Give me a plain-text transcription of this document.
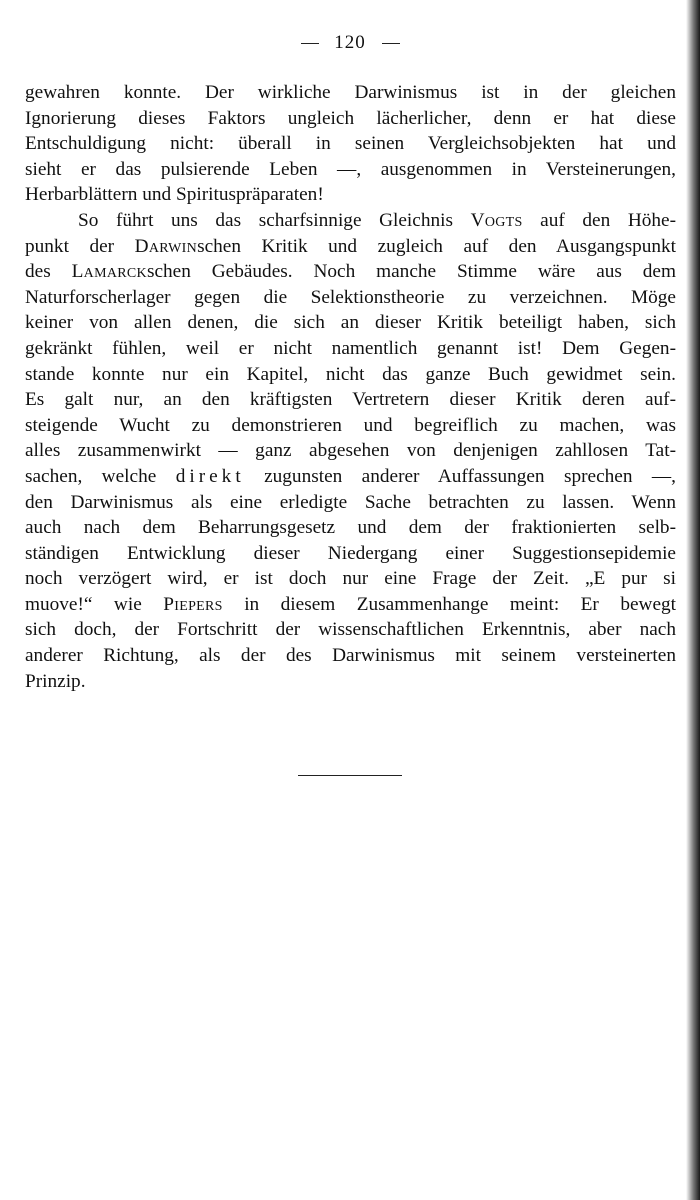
120
gewahren konnte. Der wirkliche Darwinismus ist in der gleichen
Ignorierung dieses Faktors ungleich lächerlicher, denn er hat diese
Entschuldigung nicht: überall in seinen Vergleichsobjekten hat und
sieht er das pulsierende Leben —, ausgenommen in Versteinerungen,
Herbarblättern und Spirituspräparaten!
So führt uns das scharfsinnige Gleichnis Vogts auf den Höhe-
punkt der Darwinschen Kritik und zugleich auf den Ausgangspunkt
des Lamarckschen Gebäudes. Noch manche Stimme wäre aus dem
Naturforscherlager gegen die Selektionstheorie zu verzeichnen. Möge
keiner von allen denen, die sich an dieser Kritik beteiligt haben, sich
gekränkt fühlen, weil er nicht namentlich genannt ist! Dem Gegen-
stande konnte nur ein Kapitel, nicht das ganze Buch gewidmet sein.
Es galt nur, an den kräftigsten Vertretern dieser Kritik deren auf-
steigende Wucht zu demonstrieren und begreiflich zu machen, was
alles zusammenwirkt — ganz abgesehen von denjenigen zahllosen Tat-
sachen, welche direkt zugunsten anderer Auffassungen sprechen —,
den Darwinismus als eine erledigte Sache betrachten zu lassen. Wenn
auch nach dem Beharrungsgesetz und dem der fraktionierten selb-
ständigen Entwicklung dieser Niedergang einer Suggestionsepidemie
noch verzögert wird, er ist doch nur eine Frage der Zeit. „E pur si
muove!“ wie Piepers in diesem Zusammenhange meint: Er bewegt
sich doch, der Fortschritt der wissenschaftlichen Erkenntnis, aber nach
anderer Richtung, als der des Darwinismus mit seinem versteinerten
Prinzip.
